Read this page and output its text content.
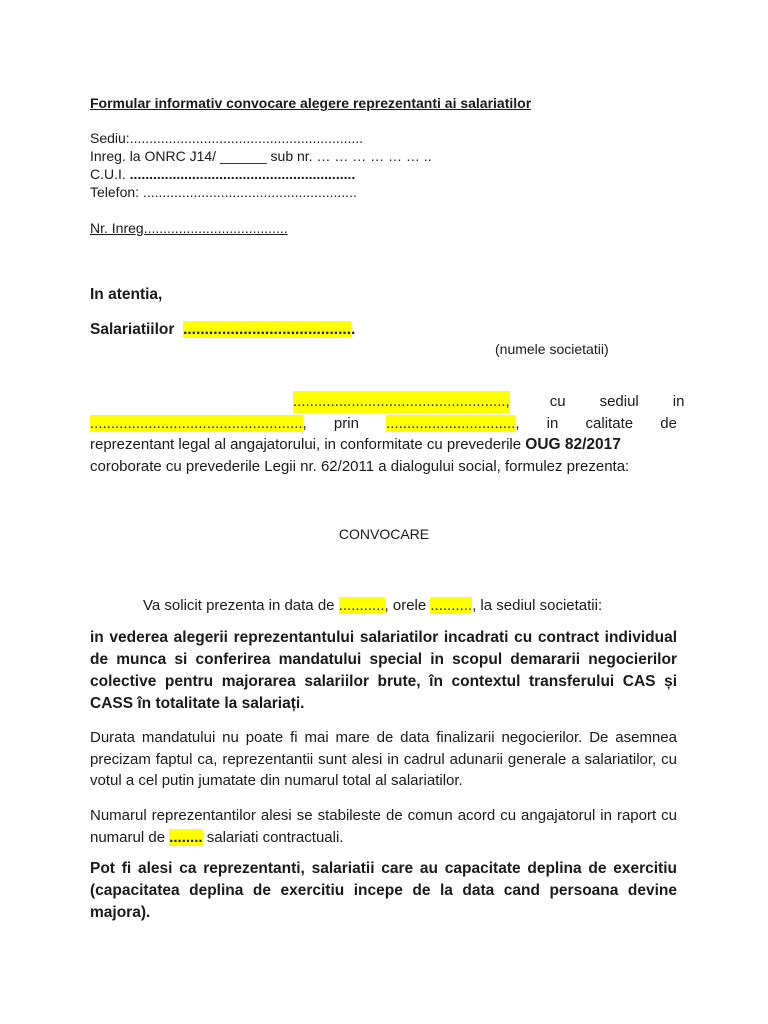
Formular informativ convocare alegere reprezentanti ai salariatilor
Sediu:............................................................
Inreg. la ONRC J14/ ______ sub nr. … … … … … … ..
C.U.I. ..........................................................
Telefon: .......................................................
Nr. Inreg.....................................
In atentia,
Salariatiilor ........................................
(numele societatii)
...................................................,	cu	sediul	in
..................................................., prin ..............................., in calitate de
reprezentant legal al angajatorului, in conformitate cu prevederile OUG 82/2017
coroborate cu prevederile Legii nr. 62/2011 a dialogului social, formulez prezenta:
CONVOCARE
Va solicit prezenta in data de ..........., orele .........., la sediul societatii:
in vederea alegerii reprezentantului salariatilor incadrati cu contract individual de munca si conferirea mandatului special in scopul demararii negocierilor colective pentru majorarea salariilor brute, în contextul transferului CAS și CASS în totalitate la salariați.
Durata mandatului nu poate fi mai mare de data finalizarii negocierilor. De asemnea precizam faptul ca, reprezentantii sunt alesi in cadrul adunarii generale a salariatilor, cu votul a cel putin jumatate din numarul total al salariatilor.
Numarul reprezentantilor alesi se stabileste de comun acord cu angajatorul in raport cu numarul de ........ salariati contractuali.
Pot fi alesi ca reprezentanti, salariatii care au capacitate deplina de exercitiu (capacitatea deplina de exercitiu incepe de la data cand persoana devine majora).
